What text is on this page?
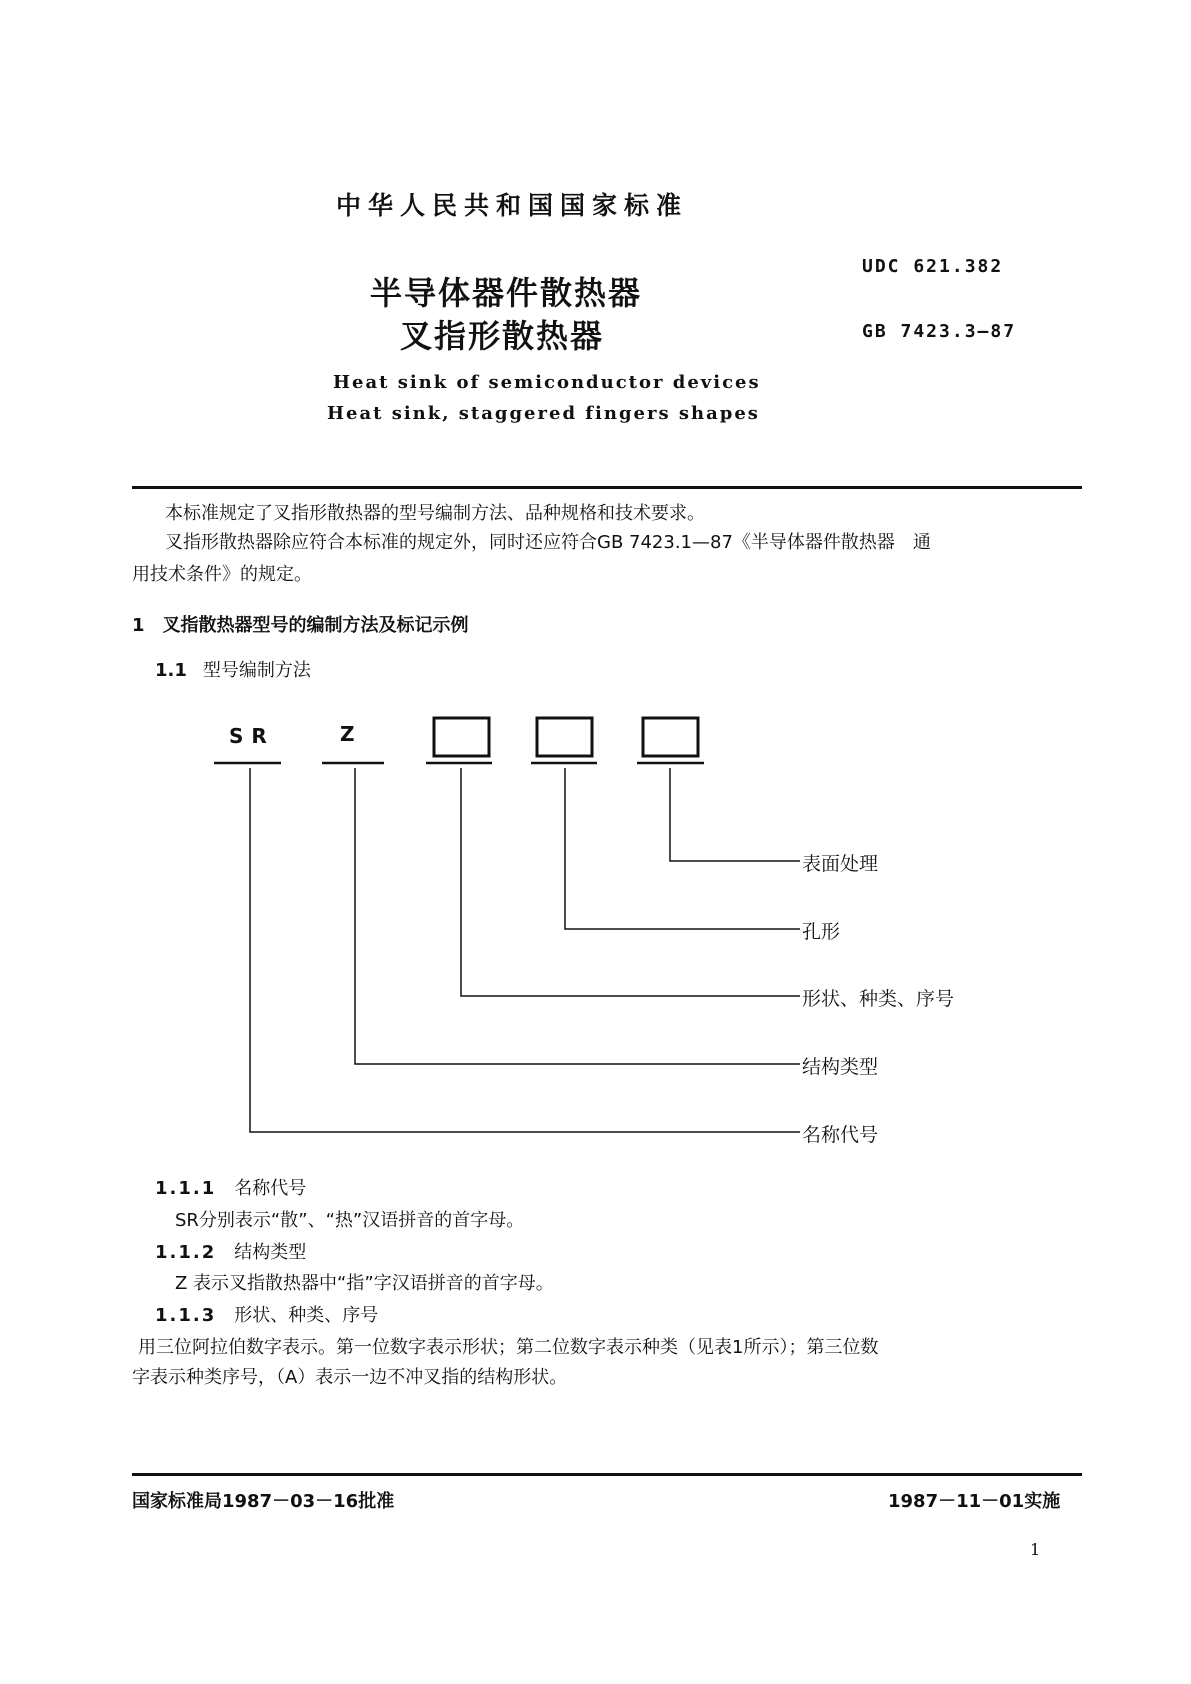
中华人民共和国国家标准
半导体器件散热器
叉指形散热器
UDC 621.382
GB 7423.3—87
Heat sink of semiconductor devices
Heat sink, staggered fingers shapes
本标准规定了叉指形散热器的型号编制方法、品种规格和技术要求。
叉指形散热器除应符合本标准的规定外，同时还应符合GB 7423.1—87《半导体器件散热器　通
用技术条件》的规定。
1 叉指散热器型号的编制方法及标记示例
1.1 型号编制方法
SR	Z
表面处理
孔形
形状、种类、序号
结构类型
名称代号
1.1.1 名称代号
SR分别表示“散”、“热”汉语拼音的首字母。
1.1.2 结构类型
Z 表示叉指散热器中“指”字汉语拼音的首字母。
1.1.3 形状、种类、序号
用三位阿拉伯数字表示。第一位数字表示形状；第二位数字表示种类（见表1所示）；第三位数
字表示种类序号，（A）表示一边不冲叉指的结构形状。
国家标准局1987－03－16批准	1987－11－01实施
1
